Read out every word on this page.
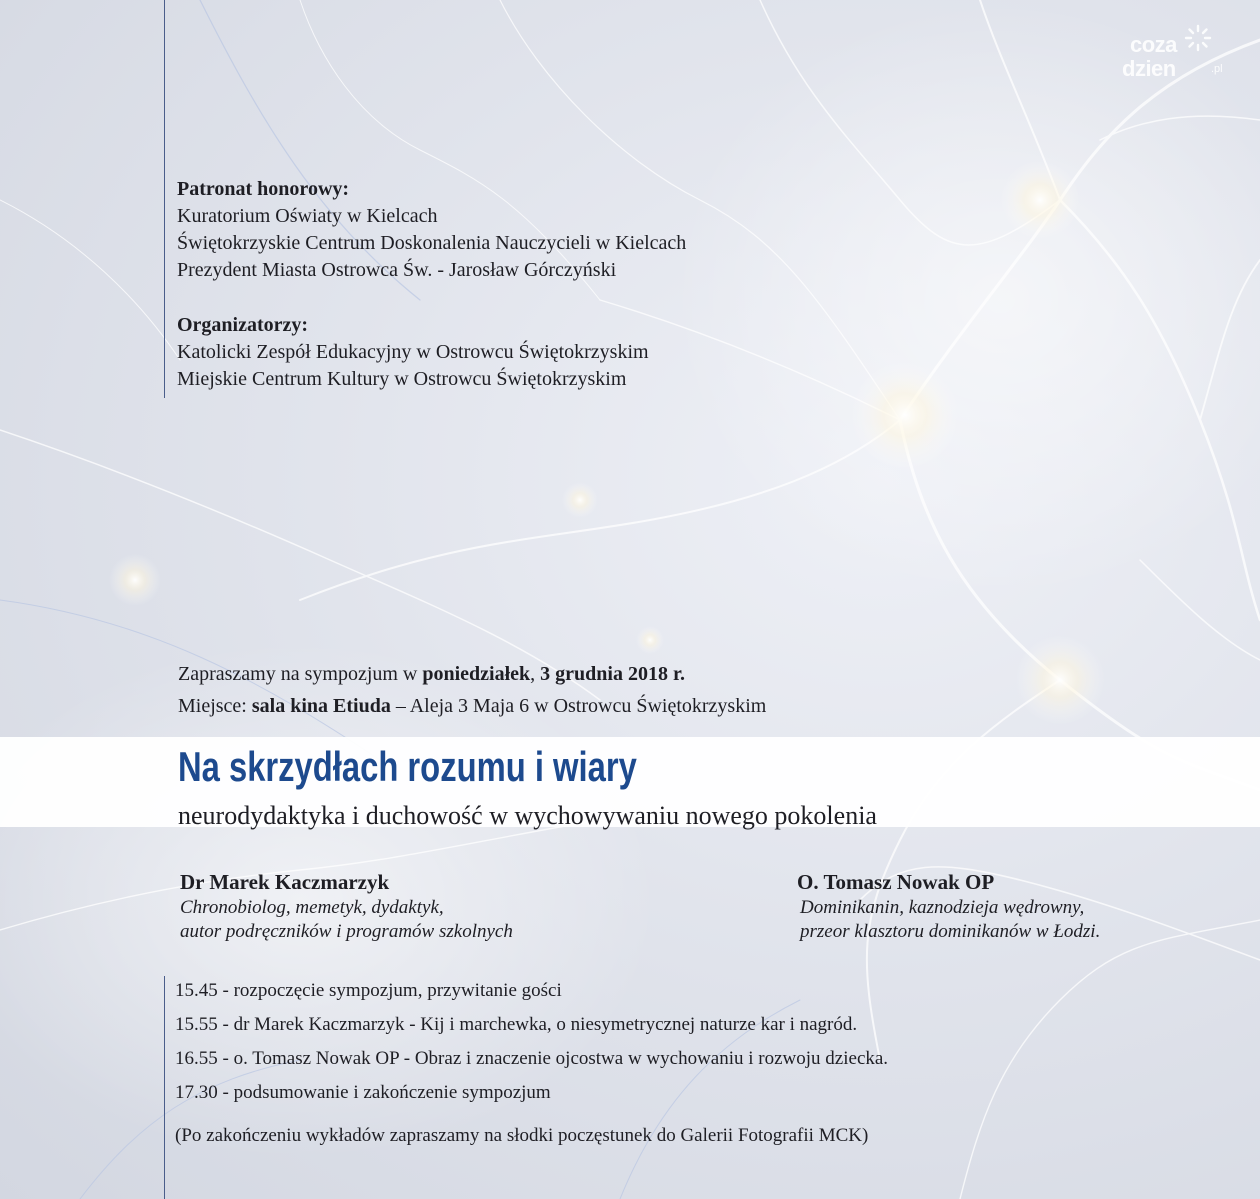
coza
dzien	.pl
Patronat honorowy:
Kuratorium Oświaty w Kielcach
Świętokrzyskie Centrum Doskonalenia Nauczycieli w Kielcach
Prezydent Miasta Ostrowca Św. - Jarosław Górczyński
Organizatorzy:
Katolicki Zespół Edukacyjny w Ostrowcu Świętokrzyskim
Miejskie Centrum Kultury w Ostrowcu Świętokrzyskim
Zapraszamy na sympozjum w poniedziałek, 3 grudnia 2018 r.
Miejsce: sala kina Etiuda – Aleja 3 Maja 6 w Ostrowcu Świętokrzyskim
Na skrzydłach rozumu i wiary
neurodydaktyka i duchowość w wychowywaniu nowego pokolenia
Dr Marek Kaczmarzyk
Chronobiolog, memetyk, dydaktyk,
autor podręczników i programów szkolnych
O. Tomasz Nowak OP
Dominikanin, kaznodzieja wędrowny,
przeor klasztoru dominikanów w Łodzi.
15.45 - rozpoczęcie sympozjum, przywitanie gości
15.55 - dr Marek Kaczmarzyk - Kij i marchewka, o niesymetrycznej naturze kar i nagród.
16.55 - o. Tomasz Nowak OP - Obraz i znaczenie ojcostwa w wychowaniu i rozwoju dziecka.
17.30 - podsumowanie i zakończenie sympozjum
(Po zakończeniu wykładów zapraszamy na słodki poczęstunek do Galerii Fotografii MCK)
